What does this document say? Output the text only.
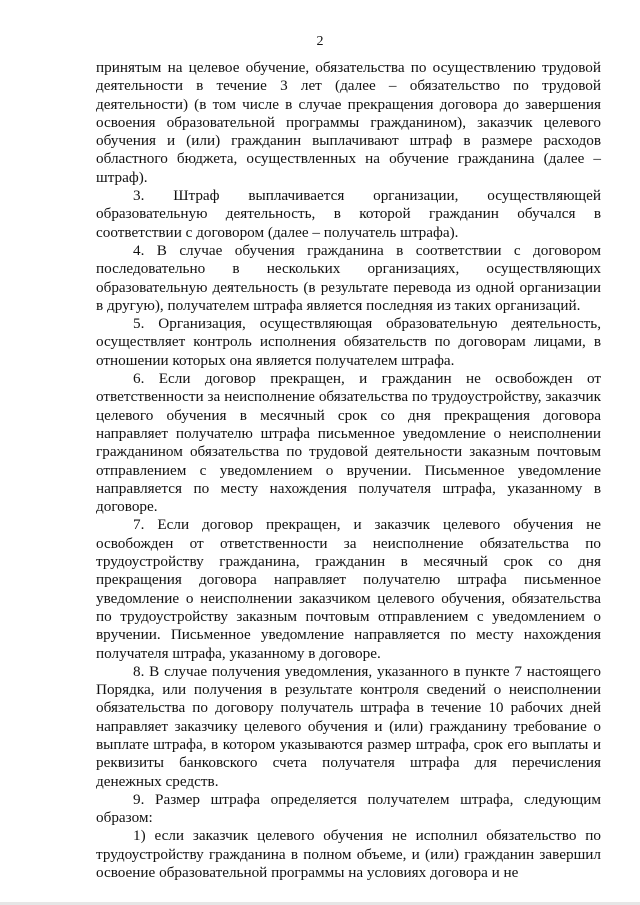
2

принятым на целевое обучение, обязательства по осуществлению трудовой деятельности в течение 3 лет (далее – обязательство по трудовой деятельности) (в том числе в случае прекращения договора до завершения освоения образовательной программы гражданином), заказчик целевого обучения и (или) гражданин выплачивают штраф в размере расходов областного бюджета, осуществленных на обучение гражданина (далее – штраф).

3. Штраф выплачивается организации, осуществляющей образовательную деятельность, в которой гражданин обучался в соответствии с договором (далее – получатель штрафа).

4. В случае обучения гражданина в соответствии с договором последовательно в нескольких организациях, осуществляющих образовательную деятельность (в результате перевода из одной организации в другую), получателем штрафа является последняя из таких организаций.

5. Организация, осуществляющая образовательную деятельность, осуществляет контроль исполнения обязательств по договорам лицами, в отношении которых она является получателем штрафа.

6. Если договор прекращен, и гражданин не освобожден от ответственности за неисполнение обязательства по трудоустройству, заказчик целевого обучения в месячный срок со дня прекращения договора направляет получателю штрафа письменное уведомление о неисполнении гражданином обязательства по трудовой деятельности заказным почтовым отправлением с уведомлением о вручении. Письменное уведомление направляется по месту нахождения получателя штрафа, указанному в договоре.

7. Если договор прекращен, и заказчик целевого обучения не освобожден от ответственности за неисполнение обязательства по трудоустройству гражданина, гражданин в месячный срок со дня прекращения договора направляет получателю штрафа письменное уведомление о неисполнении заказчиком целевого обучения, обязательства по трудоустройству заказным почтовым отправлением с уведомлением о вручении. Письменное уведомление направляется по месту нахождения получателя штрафа, указанному в договоре.

8. В случае получения уведомления, указанного в пункте 7 настоящего Порядка, или получения в результате контроля сведений о неисполнении обязательства по договору получатель штрафа в течение 10 рабочих дней направляет заказчику целевого обучения и (или) гражданину требование о выплате штрафа, в котором указываются размер штрафа, срок его выплаты и реквизиты банковского счета получателя штрафа для перечисления денежных средств.

9. Размер штрафа определяется получателем штрафа, следующим образом:

1) если заказчик целевого обучения не исполнил обязательство по трудоустройству гражданина в полном объеме, и (или) гражданин завершил освоение образовательной программы на условиях договора и не
